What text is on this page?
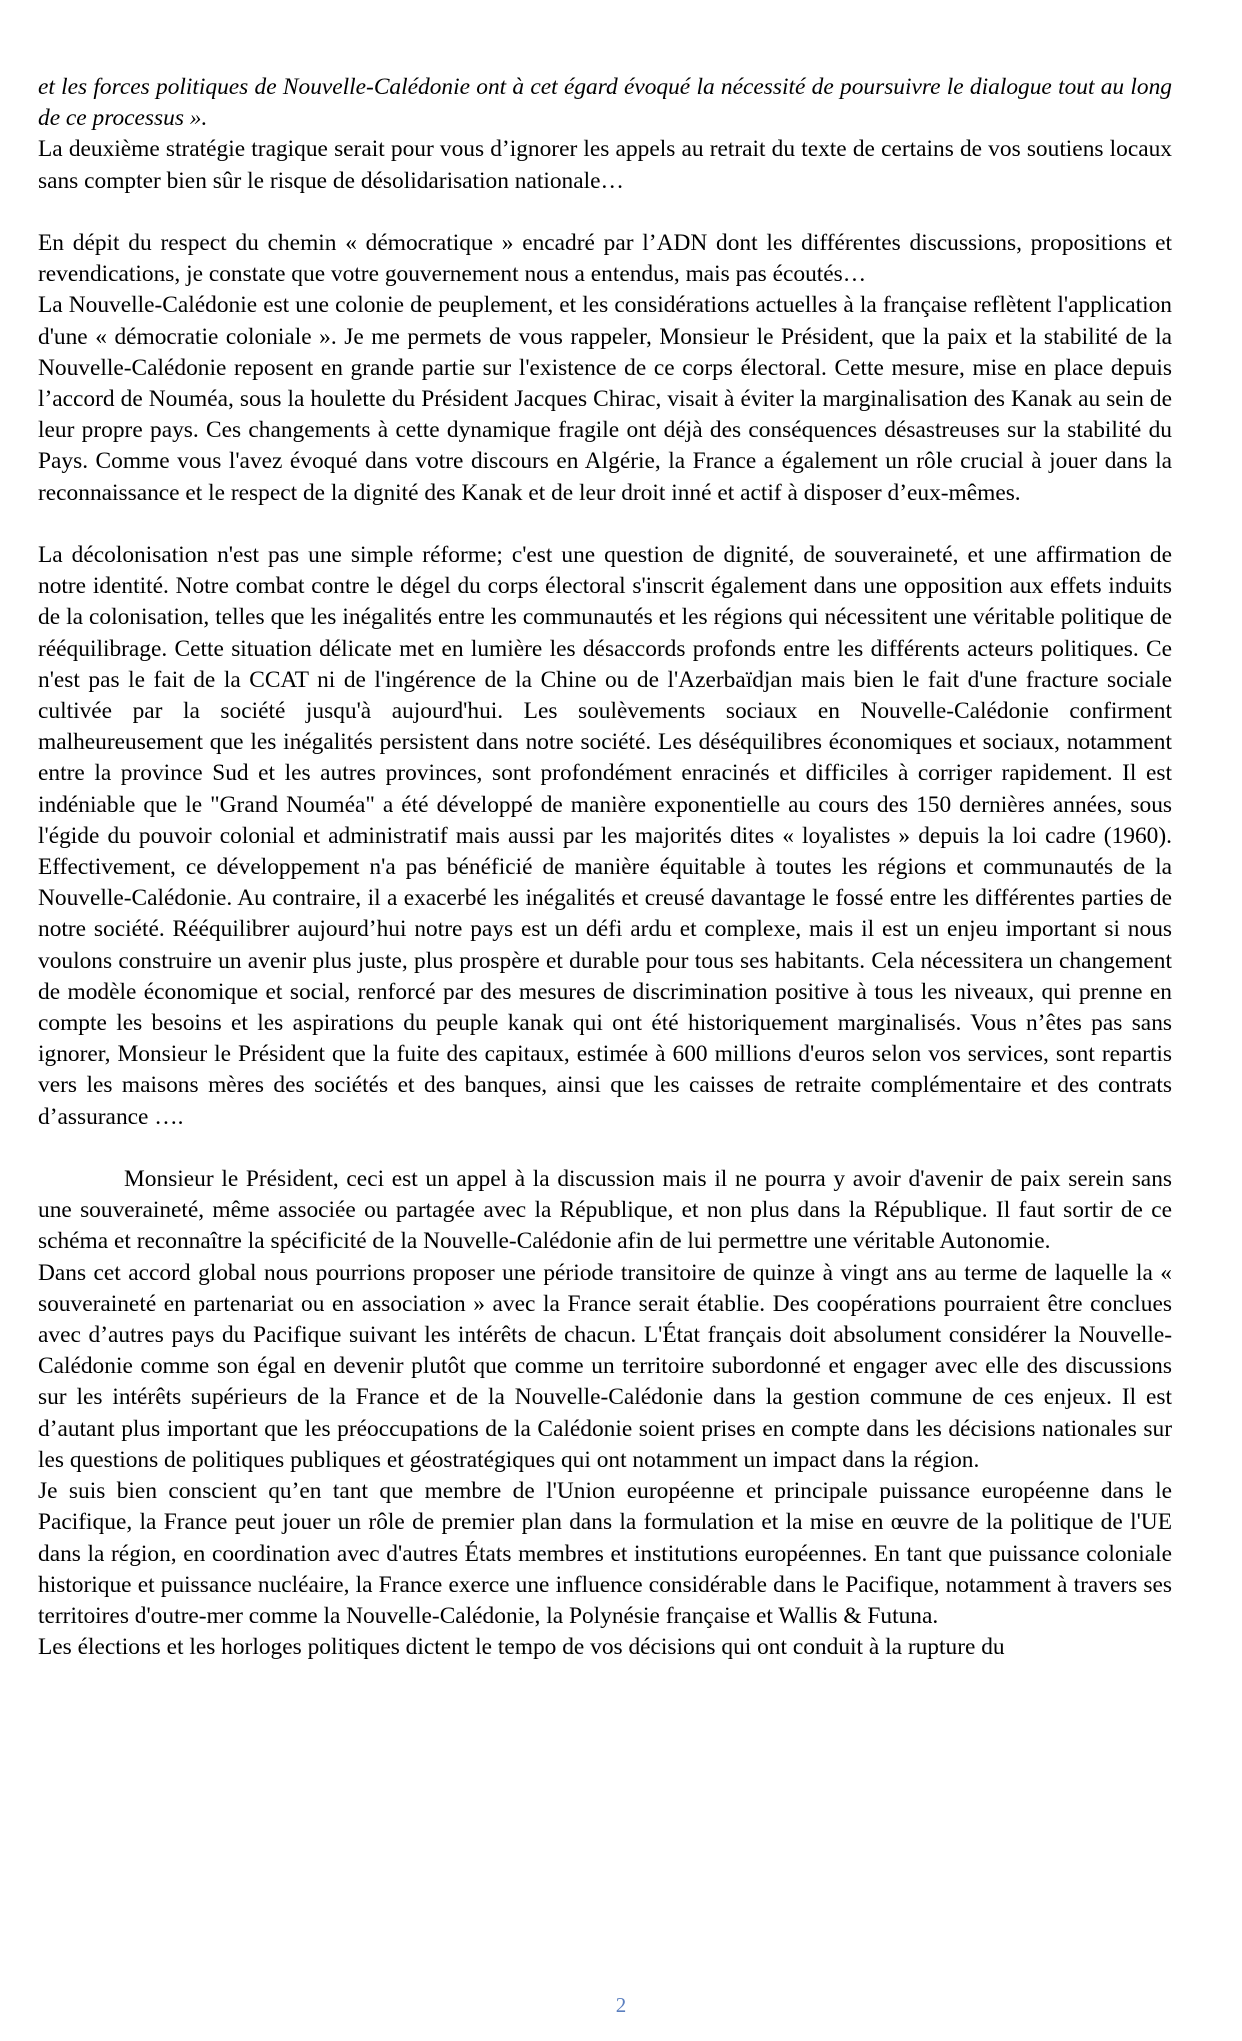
et les forces politiques de Nouvelle-Calédonie ont à cet égard évoqué la nécessité de poursuivre le dialogue tout au long de ce processus ».

La deuxième stratégie tragique serait pour vous d’ignorer les appels au retrait du texte de certains de vos soutiens locaux sans compter bien sûr le risque de désolidarisation nationale…

En dépit du respect du chemin « démocratique » encadré par l’ADN dont les différentes discussions, propositions et revendications, je constate que votre gouvernement nous a entendus, mais pas écoutés…

La Nouvelle-Calédonie est une colonie de peuplement, et les considérations actuelles à la française reflètent l'application d'une « démocratie coloniale ». Je me permets de vous rappeler, Monsieur le Président, que la paix et la stabilité de la Nouvelle-Calédonie reposent en grande partie sur l'existence de ce corps électoral. Cette mesure, mise en place depuis l’accord de Nouméa, sous la houlette du Président Jacques Chirac, visait à éviter la marginalisation des Kanak au sein de leur propre pays. Ces changements à cette dynamique fragile ont déjà des conséquences désastreuses sur la stabilité du Pays. Comme vous l'avez évoqué dans votre discours en Algérie, la France a également un rôle crucial à jouer dans la reconnaissance et le respect de la dignité des Kanak et de leur droit inné et actif à disposer d’eux-mêmes.

La décolonisation n'est pas une simple réforme; c'est une question de dignité, de souveraineté, et une affirmation de notre identité. Notre combat contre le dégel du corps électoral s'inscrit également dans une opposition aux effets induits de la colonisation, telles que les inégalités entre les communautés et les régions qui nécessitent une véritable politique de rééquilibrage. Cette situation délicate met en lumière les désaccords profonds entre les différents acteurs politiques. Ce n'est pas le fait de la CCAT ni de l'ingérence de la Chine ou de l'Azerbaïdjan mais bien le fait d'une fracture sociale cultivée par la société jusqu'à aujourd'hui. Les soulèvements sociaux en Nouvelle-Calédonie confirment malheureusement que les inégalités persistent dans notre société. Les déséquilibres économiques et sociaux, notamment entre la province Sud et les autres provinces, sont profondément enracinés et difficiles à corriger rapidement. Il est indéniable que le "Grand Nouméa" a été développé de manière exponentielle au cours des 150 dernières années, sous l'égide du pouvoir colonial et administratif mais aussi par les majorités dites « loyalistes » depuis la loi cadre (1960). Effectivement, ce développement n'a pas bénéficié de manière équitable à toutes les régions et communautés de la Nouvelle-Calédonie. Au contraire, il a exacerbé les inégalités et creusé davantage le fossé entre les différentes parties de notre société. Rééquilibrer aujourd’hui notre pays est un défi ardu et complexe, mais il est un enjeu important si nous voulons construire un avenir plus juste, plus prospère et durable pour tous ses habitants. Cela nécessitera un changement de modèle économique et social, renforcé par des mesures de discrimination positive à tous les niveaux, qui prenne en compte les besoins et les aspirations du peuple kanak qui ont été historiquement marginalisés. Vous n’êtes pas sans ignorer, Monsieur le Président que la fuite des capitaux, estimée à 600 millions d'euros selon vos services, sont repartis vers les maisons mères des sociétés et des banques, ainsi que les caisses de retraite complémentaire et des contrats d’assurance ….

Monsieur le Président, ceci est un appel à la discussion mais il ne pourra y avoir d'avenir de paix serein sans une souveraineté, même associée ou partagée avec la République, et non plus dans la République. Il faut sortir de ce schéma et reconnaître la spécificité de la Nouvelle-Calédonie afin de lui permettre une véritable Autonomie.

Dans cet accord global nous pourrions proposer une période transitoire de quinze à vingt ans au terme de laquelle la « souveraineté en partenariat ou en association » avec la France serait établie. Des coopérations pourraient être conclues avec d’autres pays du Pacifique suivant les intérêts de chacun. L'État français doit absolument considérer la Nouvelle-Calédonie comme son égal en devenir plutôt que comme un territoire subordonné et engager avec elle des discussions sur les intérêts supérieurs de la France et de la Nouvelle-Calédonie dans la gestion commune de ces enjeux. Il est d’autant plus important que les préoccupations de la Calédonie soient prises en compte dans les décisions nationales sur les questions de politiques publiques et géostratégiques qui ont notamment un impact dans la région.

Je suis bien conscient qu’en tant que membre de l'Union européenne et principale puissance européenne dans le Pacifique, la France peut jouer un rôle de premier plan dans la formulation et la mise en œuvre de la politique de l'UE dans la région, en coordination avec d'autres États membres et institutions européennes. En tant que puissance coloniale historique et puissance nucléaire, la France exerce une influence considérable dans le Pacifique, notamment à travers ses territoires d'outre-mer comme la Nouvelle-Calédonie, la Polynésie française et Wallis & Futuna.

Les élections et les horloges politiques dictent le tempo de vos décisions qui ont conduit à la rupture du

2
